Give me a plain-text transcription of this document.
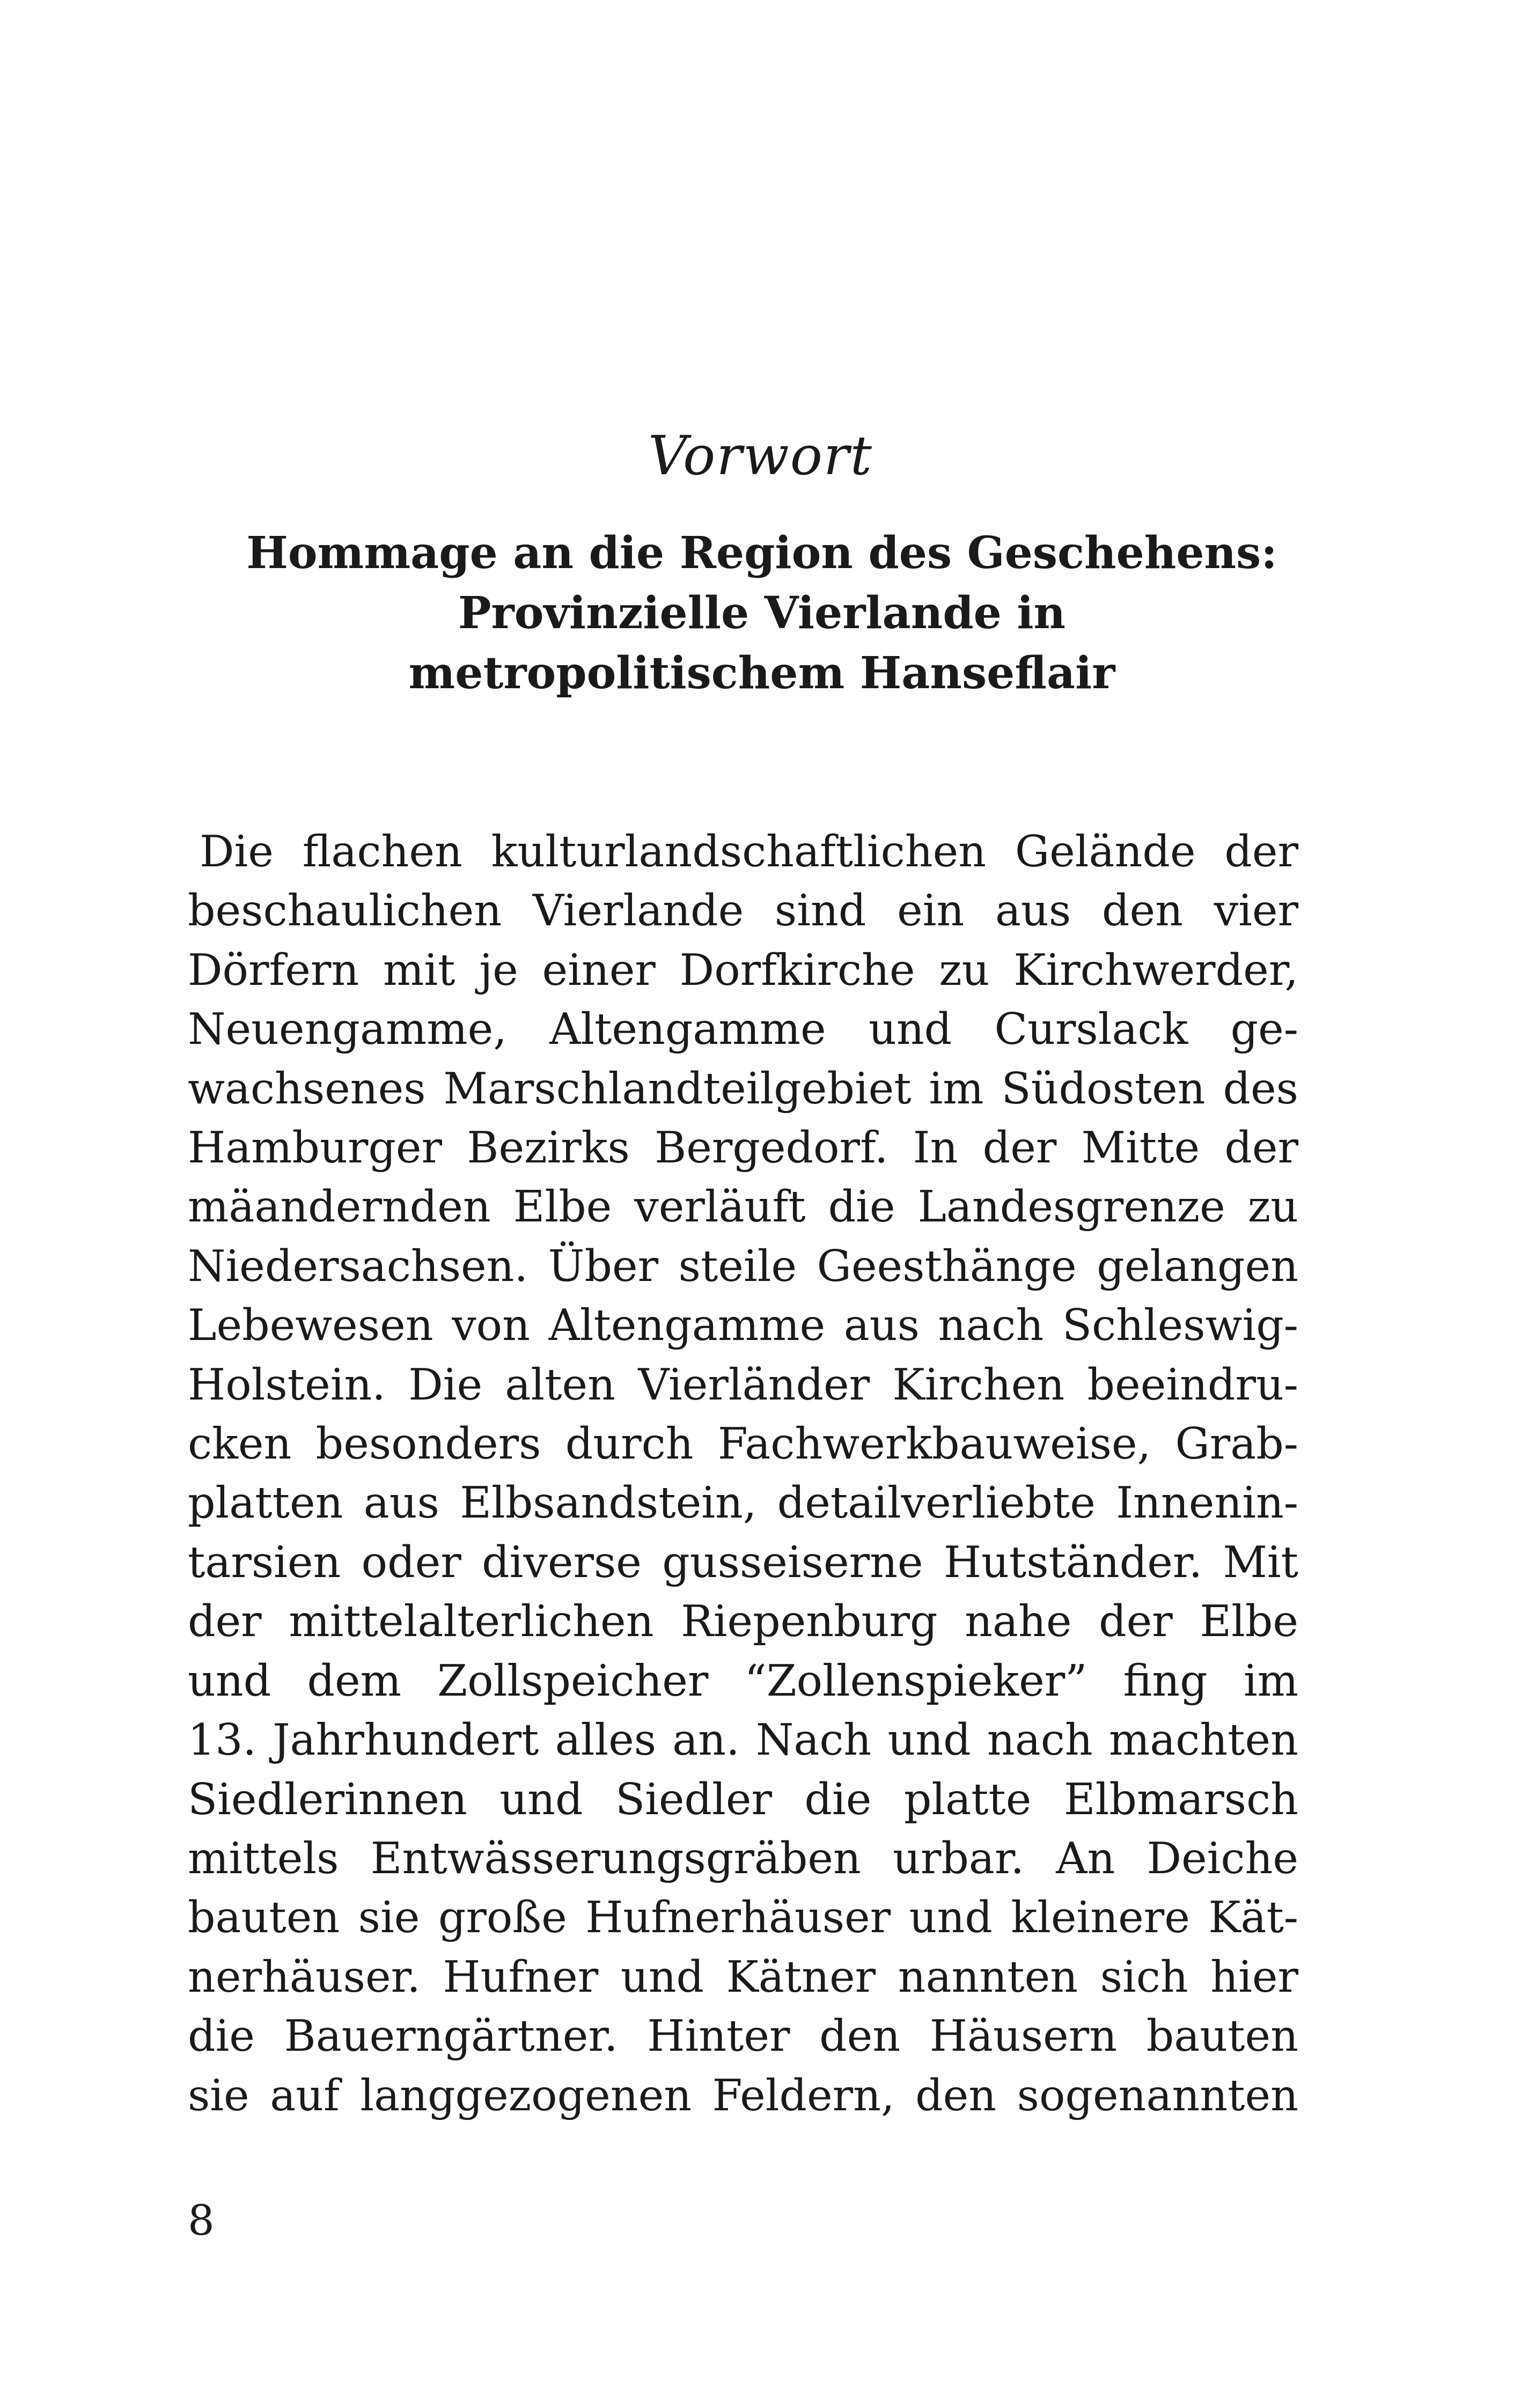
Vorwort
Hommage an die Region des Geschehens:
Provinzielle Vierlande in
metropolitischem Hanseflair
Die flachen kulturlandschaftlichen Gelände der
beschaulichen Vierlande sind ein aus den vier
Dörfern mit je einer Dorfkirche zu Kirchwerder,
Neuengamme, Altengamme und Curslack ge-
wachsenes Marschlandteilgebiet im Südosten des
Hamburger Bezirks Bergedorf. In der Mitte der
mäandernden Elbe verläuft die Landesgrenze zu
Niedersachsen. Über steile Geesthänge gelangen
Lebewesen von Altengamme aus nach Schleswig-
Holstein. Die alten Vierländer Kirchen beeindru-
cken besonders durch Fachwerkbauweise, Grab-
platten aus Elbsandstein, detailverliebte Innenin-
tarsien oder diverse gusseiserne Hutständer. Mit
der mittelalterlichen Riepenburg nahe der Elbe
und dem Zollspeicher “Zollenspieker” fing im
13. Jahrhundert alles an. Nach und nach machten
Siedlerinnen und Siedler die platte Elbmarsch
mittels Entwässerungsgräben urbar. An Deiche
bauten sie große Hufnerhäuser und kleinere Kät-
nerhäuser. Hufner und Kätner nannten sich hier
die Bauerngärtner. Hinter den Häusern bauten
sie auf langgezogenen Feldern, den sogenannten
8
